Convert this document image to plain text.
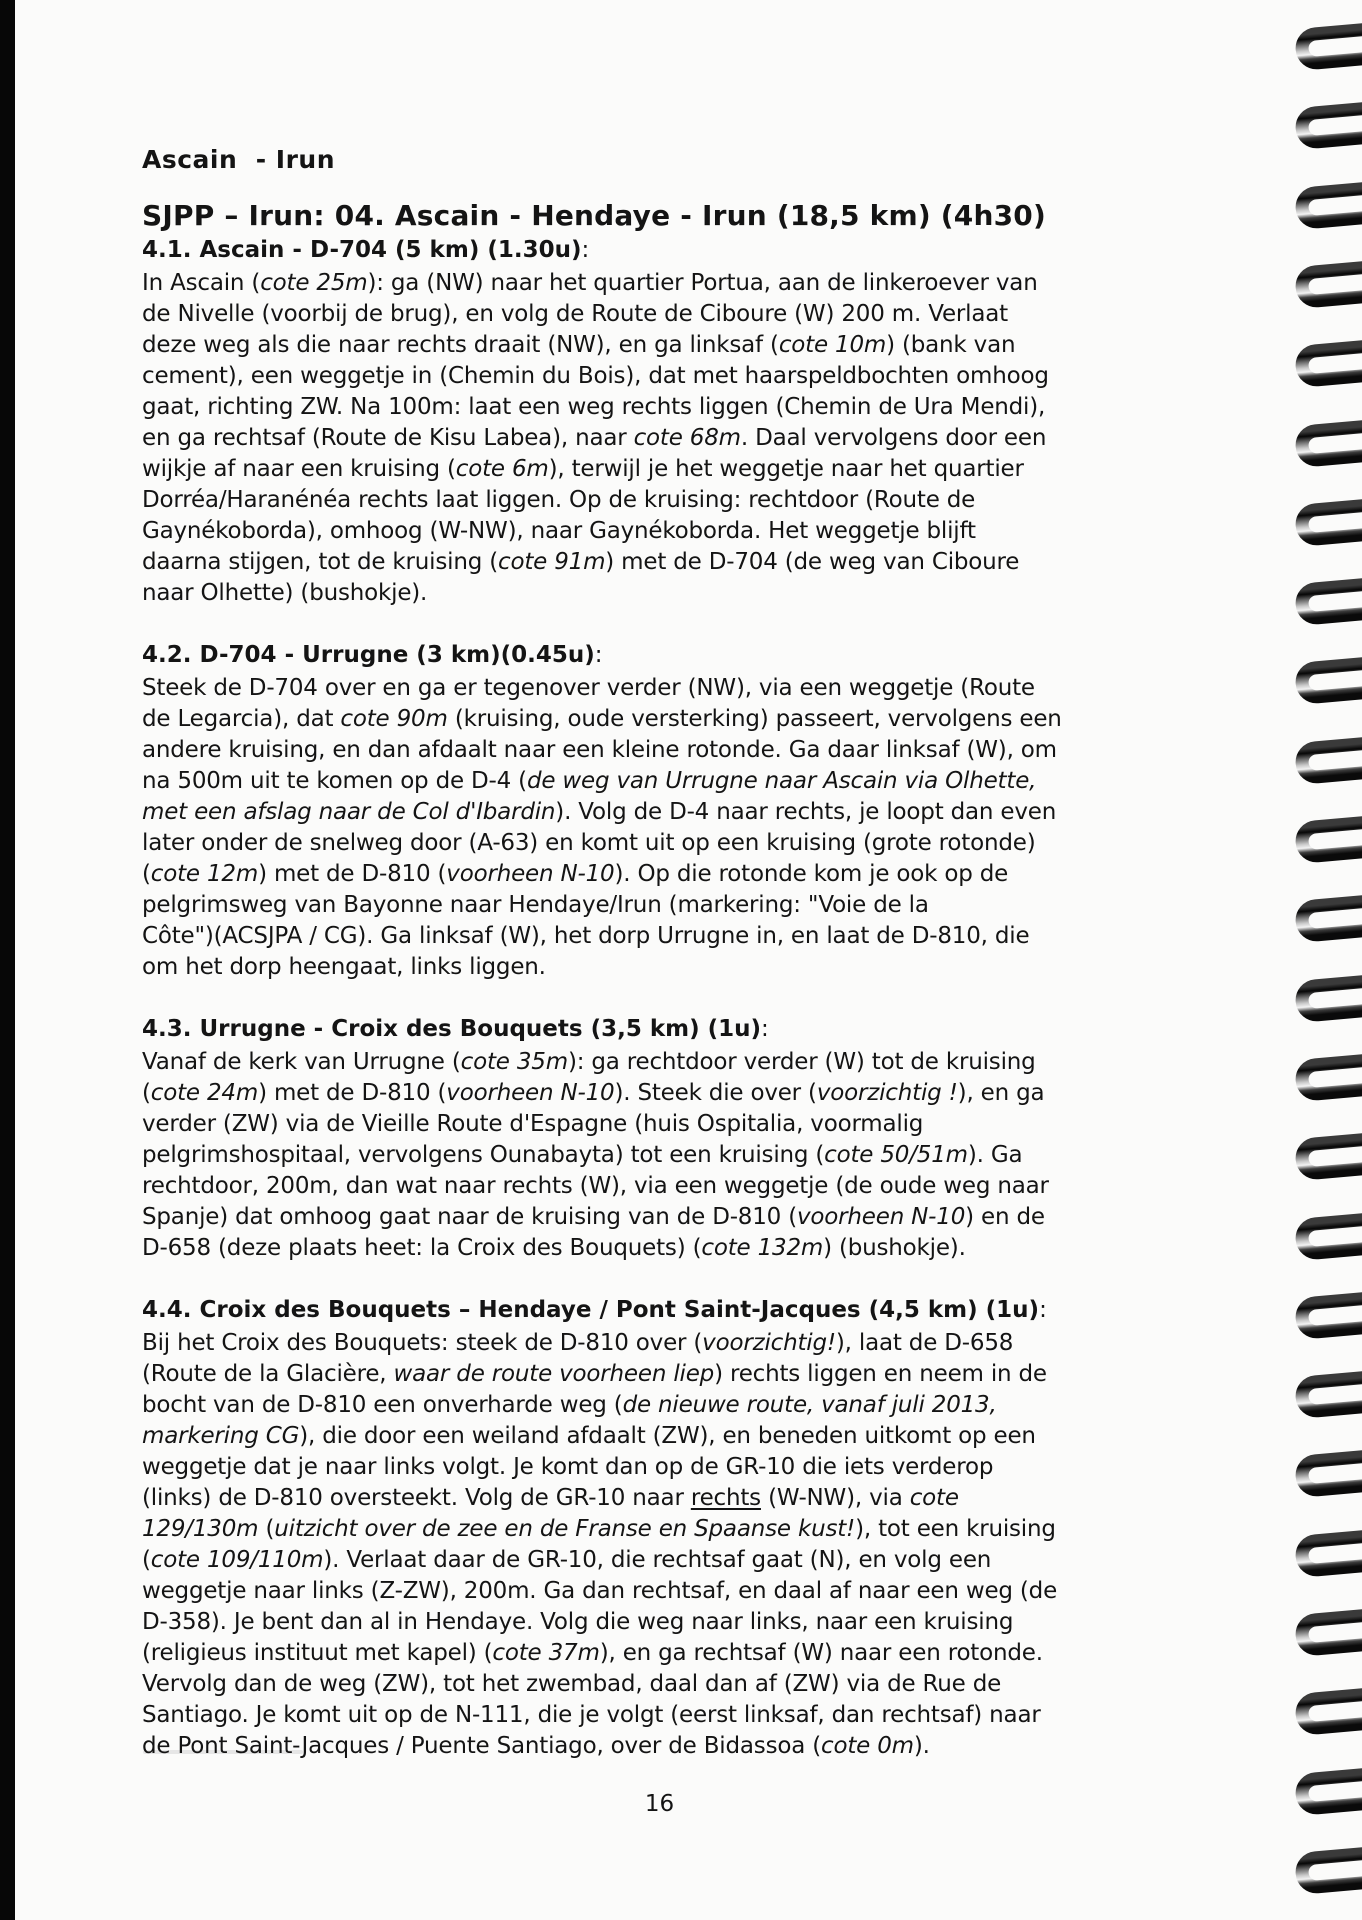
Ascain  - Irun
SJPP – Irun: 04. Ascain - Hendaye - Irun (18,5 km) (4h30)
4.1. Ascain - D-704 (5 km) (1.30u):
In Ascain (cote 25m): ga (NW) naar het quartier Portua, aan de linkeroever van
de Nivelle (voorbij de brug), en volg de Route de Ciboure (W) 200 m. Verlaat
deze weg als die naar rechts draait (NW), en ga linksaf (cote 10m) (bank van
cement), een weggetje in (Chemin du Bois), dat met haarspeldbochten omhoog
gaat, richting ZW. Na 100m: laat een weg rechts liggen (Chemin de Ura Mendi),
en ga rechtsaf (Route de Kisu Labea), naar cote 68m. Daal vervolgens door een
wijkje af naar een kruising (cote 6m), terwijl je het weggetje naar het quartier
Dorréa/Haranénéa rechts laat liggen. Op de kruising: rechtdoor (Route de
Gaynékoborda), omhoog (W-NW), naar Gaynékoborda. Het weggetje blijft
daarna stijgen, tot de kruising (cote 91m) met de D-704 (de weg van Ciboure
naar Olhette) (bushokje).
4.2. D-704 - Urrugne (3 km)(0.45u):
Steek de D-704 over en ga er tegenover verder (NW), via een weggetje (Route
de Legarcia), dat cote 90m (kruising, oude versterking) passeert, vervolgens een
andere kruising, en dan afdaalt naar een kleine rotonde. Ga daar linksaf (W), om
na 500m uit te komen op de D-4 (de weg van Urrugne naar Ascain via Olhette,
met een afslag naar de Col d'Ibardin). Volg de D-4 naar rechts, je loopt dan even
later onder de snelweg door (A-63) en komt uit op een kruising (grote rotonde)
(cote 12m) met de D-810 (voorheen N-10). Op die rotonde kom je ook op de
pelgrimsweg van Bayonne naar Hendaye/Irun (markering: "Voie de la
Côte")(ACSJPA / CG). Ga linksaf (W), het dorp Urrugne in, en laat de D-810, die
om het dorp heengaat, links liggen.
4.3. Urrugne - Croix des Bouquets (3,5 km) (1u):
Vanaf de kerk van Urrugne (cote 35m): ga rechtdoor verder (W) tot de kruising
(cote 24m) met de D-810 (voorheen N-10). Steek die over (voorzichtig !), en ga
verder (ZW) via de Vieille Route d'Espagne (huis Ospitalia, voormalig
pelgrimshospitaal, vervolgens Ounabayta) tot een kruising (cote 50/51m). Ga
rechtdoor, 200m, dan wat naar rechts (W), via een weggetje (de oude weg naar
Spanje) dat omhoog gaat naar de kruising van de D-810 (voorheen N-10) en de
D-658 (deze plaats heet: la Croix des Bouquets) (cote 132m) (bushokje).
4.4. Croix des Bouquets – Hendaye / Pont Saint-Jacques (4,5 km) (1u):
Bij het Croix des Bouquets: steek de D-810 over (voorzichtig!), laat de D-658
(Route de la Glacière, waar de route voorheen liep) rechts liggen en neem in de
bocht van de D-810 een onverharde weg (de nieuwe route, vanaf juli 2013,
markering CG), die door een weiland afdaalt (ZW), en beneden uitkomt op een
weggetje dat je naar links volgt. Je komt dan op de GR-10 die iets verderop
(links) de D-810 oversteekt. Volg de GR-10 naar rechts (W-NW), via cote
129/130m (uitzicht over de zee en de Franse en Spaanse kust!), tot een kruising
(cote 109/110m). Verlaat daar de GR-10, die rechtsaf gaat (N), en volg een
weggetje naar links (Z-ZW), 200m. Ga dan rechtsaf, en daal af naar een weg (de
D-358). Je bent dan al in Hendaye. Volg die weg naar links, naar een kruising
(religieus instituut met kapel) (cote 37m), en ga rechtsaf (W) naar een rotonde.
Vervolg dan de weg (ZW), tot het zwembad, daal dan af (ZW) via de Rue de
Santiago. Je komt uit op de N-111, die je volgt (eerst linksaf, dan rechtsaf) naar
de Pont Saint-Jacques / Puente Santiago, over de Bidassoa (cote 0m).
16
